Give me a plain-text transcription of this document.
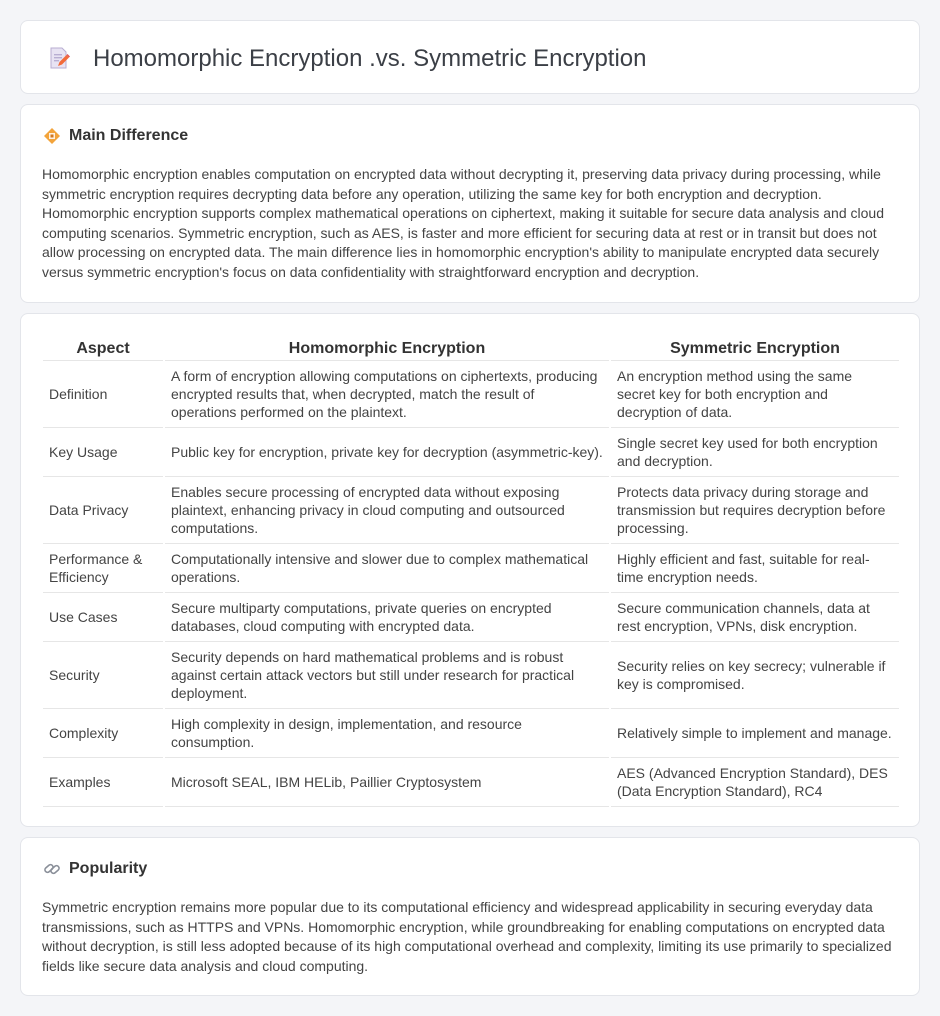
Homomorphic Encryption .vs. Symmetric Encryption
Main Difference

Homomorphic encryption enables computation on encrypted data without decrypting it, preserving data privacy during processing, while symmetric encryption requires decrypting data before any operation, utilizing the same key for both encryption and decryption. Homomorphic encryption supports complex mathematical operations on ciphertext, making it suitable for secure data analysis and cloud computing scenarios. Symmetric encryption, such as AES, is faster and more efficient for securing data at rest or in transit but does not allow processing on encrypted data. The main difference lies in homomorphic encryption's ability to manipulate encrypted data securely versus symmetric encryption's focus on data confidentiality with straightforward encryption and decryption.

Aspect	Homomorphic Encryption	Symmetric Encryption
Definition	A form of encryption allowing computations on ciphertexts, producing encrypted results that, when decrypted, match the result of operations performed on the plaintext.	An encryption method using the same secret key for both encryption and decryption of data.
Key Usage	Public key for encryption, private key for decryption (asymmetric-key).	Single secret key used for both encryption and decryption.
Data Privacy	Enables secure processing of encrypted data without exposing plaintext, enhancing privacy in cloud computing and outsourced computations.	Protects data privacy during storage and transmission but requires decryption before processing.
Performance & Efficiency	Computationally intensive and slower due to complex mathematical operations.	Highly efficient and fast, suitable for real-time encryption needs.
Use Cases	Secure multiparty computations, private queries on encrypted databases, cloud computing with encrypted data.	Secure communication channels, data at rest encryption, VPNs, disk encryption.
Security	Security depends on hard mathematical problems and is robust against certain attack vectors but still under research for practical deployment.	Security relies on key secrecy; vulnerable if key is compromised.
Complexity	High complexity in design, implementation, and resource consumption.	Relatively simple to implement and manage.
Examples	Microsoft SEAL, IBM HELib, Paillier Cryptosystem	AES (Advanced Encryption Standard), DES (Data Encryption Standard), RC4
Popularity

Symmetric encryption remains more popular due to its computational efficiency and widespread applicability in securing everyday data transmissions, such as HTTPS and VPNs. Homomorphic encryption, while groundbreaking for enabling computations on encrypted data without decryption, is still less adopted because of its high computational overhead and complexity, limiting its use primarily to specialized fields like secure data analysis and cloud computing.
